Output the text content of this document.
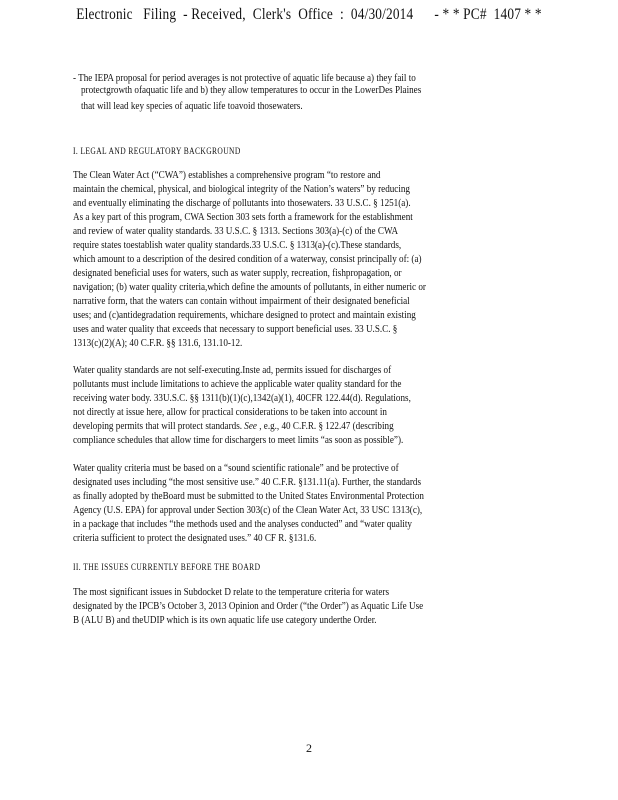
Electronic   Filing  - Received,  Clerk's  Office  :  04/30/2014      - * * PC#  1407 * *
- The IEPA proposal for period averages is not protective of aquatic life because a) they fail to
protectgrowth ofaquatic life and b) they allow temperatures to occur in the LowerDes Plaines
that will lead key species of aquatic life toavoid thosewaters.
I. LEGAL AND REGULATORY BACKGROUND
The Clean Water Act (“CWA”) establishes a comprehensive program “to restore and
maintain the chemical, physical, and biological integrity of the Nation’s waters” by reducing
and eventually eliminating the discharge of pollutants into thosewaters. 33 U.S.C. § 1251(a).
As a key part of this program, CWA Section 303 sets forth a framework for the establishment
and review of water quality standards. 33 U.S.C. § 1313. Sections 303(a)-(c) of the CWA
require states toestablish water quality standards.33 U.S.C. § 1313(a)-(c).These standards,
which amount to a description of the desired condition of a waterway, consist principally of: (a)
designated beneficial uses for waters, such as water supply, recreation, fishpropagation, or
navigation; (b) water quality criteria,which define the amounts of pollutants, in either numeric or
narrative form, that the waters can contain without impairment of their designated beneficial
uses; and (c)antidegradation requirements, whichare designed to protect and maintain existing
uses and water quality that exceeds that necessary to support beneficial uses. 33 U.S.C. §
1313(c)(2)(A); 40 C.F.R. §§ 131.6, 131.10-12.
Water quality standards are not self-executing.Inste ad, permits issued for discharges of
pollutants must include limitations to achieve the applicable water quality standard for the
receiving water body. 33U.S.C. §§ 1311(b)(1)(c),1342(a)(1), 40CFR 122.44(d). Regulations,
not directly at issue here, allow for practical considerations to be taken into account in
developing permits that will protect standards. See , e.g., 40 C.F.R. § 122.47 (describing
compliance schedules that allow time for dischargers to meet limits “as soon as possible”).
Water quality criteria must be based on a “sound scientific rationale” and be protective of
designated uses including “the most sensitive use.” 40 C.F.R. §131.11(a). Further, the standards
as finally adopted by theBoard must be submitted to the United States Environmental Protection
Agency (U.S. EPA) for approval under Section 303(c) of the Clean Water Act, 33 USC 1313(c),
in a package that includes “the methods used and the analyses conducted” and “water quality
criteria sufficient to protect the designated uses.” 40 CF R. §131.6.
II. THE ISSUES CURRENTLY BEFORE THE BOARD
The most significant issues in Subdocket D relate to the temperature criteria for waters
designated by the IPCB’s October 3, 2013 Opinion and Order (“the Order”) as Aquatic Life Use
B (ALU B) and theUDIP which is its own aquatic life use category underthe Order.
2
